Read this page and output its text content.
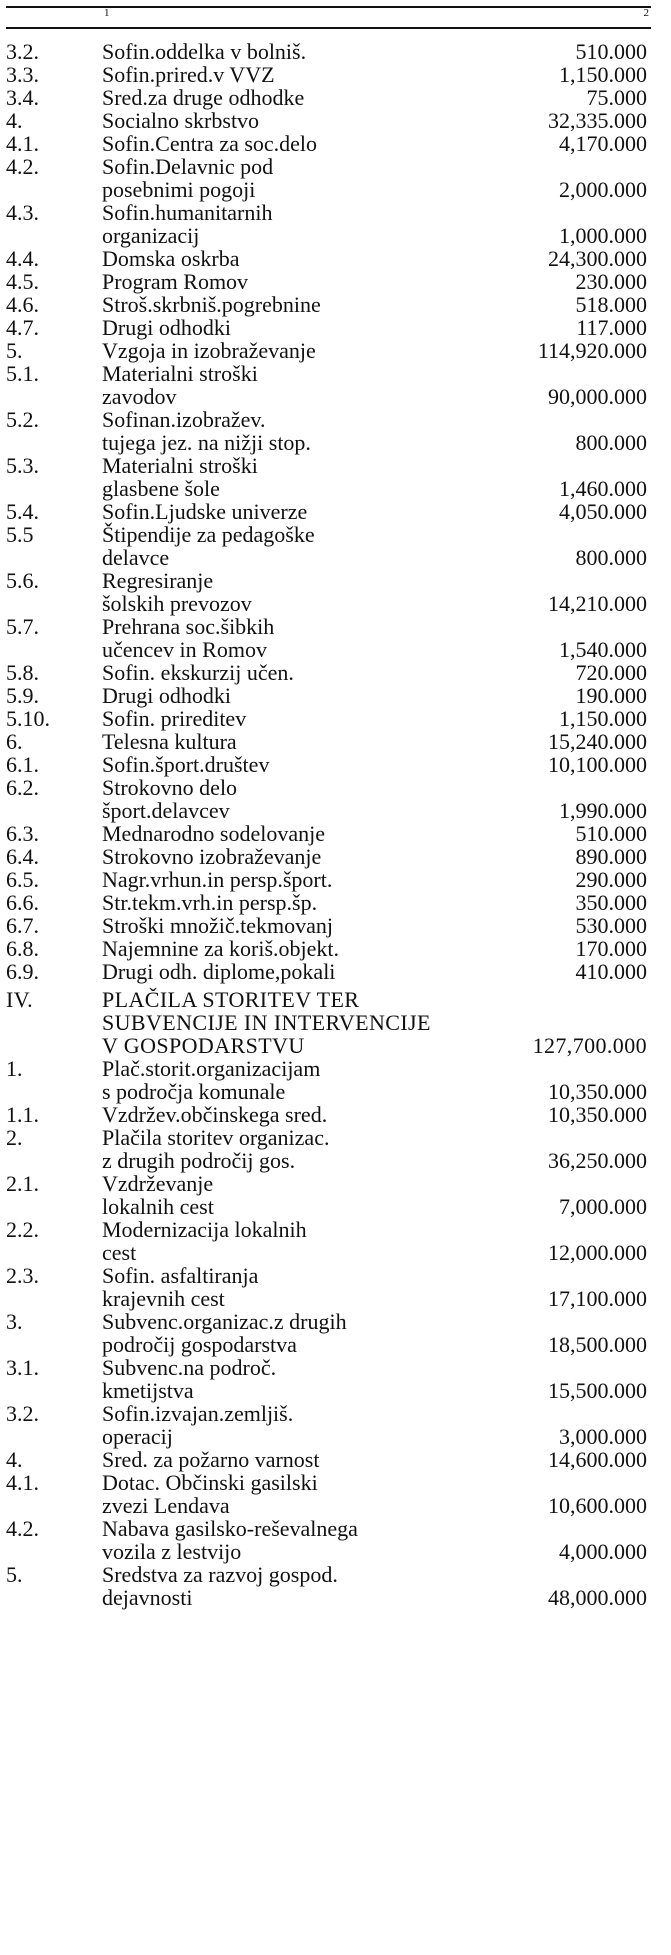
1	2
3.2.	Sofin.oddelka v bolniš.	510.000
3.3.	Sofin.prired.v VVZ	1,150.000
3.4.	Sred.za druge odhodke	75.000
4.	Socialno skrbstvo	32,335.000
4.1.	Sofin.Centra za soc.delo	4,170.000
4.2.	Sofin.Delavnic pod
posebnimi pogoji	2,000.000
4.3.	Sofin.humanitarnih
organizacij	1,000.000
4.4.	Domska oskrba	24,300.000
4.5.	Program Romov	230.000
4.6.	Stroš.skrbniš.pogrebnine	518.000
4.7.	Drugi odhodki	117.000
5.	Vzgoja in izobraževanje	114,920.000
5.1.	Materialni stroški
zavodov	90,000.000
5.2.	Sofinan.izobražev.
tujega jez. na nižji stop.	800.000
5.3.	Materialni stroški
glasbene šole	1,460.000
5.4.	Sofin.Ljudske univerze	4,050.000
5.5	Štipendije za pedagoške
delavce	800.000
5.6.	Regresiranje
šolskih prevozov	14,210.000
5.7.	Prehrana soc.šibkih
učencev in Romov	1,540.000
5.8.	Sofin. ekskurzij učen.	720.000
5.9.	Drugi odhodki	190.000
5.10. Sofin. prireditev	1,150.000
6.	Telesna kultura	15,240.000
6.1.	Sofin.šport.društev	10,100.000
6.2.	Strokovno delo
šport.delavcev	1,990.000
6.3.	Mednarodno sodelovanje	510.000
6.4.	Strokovno izobraževanje	890.000
6.5.	Nagr.vrhun.in persp.šport.	290.000
6.6.	Str.tekm.vrh.in persp.šp.	350.000
6.7.	Stroški množič.tekmovanj	530.000
6.8.	Najemnine za koriš.objekt.	170.000
6.9.	Drugi odh. diplome,pokali	410.000
IV.	PLAČILA STORITEV TER
SUBVENCIJE IN INTERVENCIJE
V GOSPODARSTVU	127,700.000
1.	Plač.storit.organizacijam
s področja komunale	10,350.000
1.1.	Vzdržev.občinskega sred.	10,350.000
2.	Plačila storitev organizac.
z drugih področij gos.	36,250.000
2.1.	Vzdrževanje
lokalnih cest	7,000.000
2.2.	Modernizacija lokalnih
cest	12,000.000
2.3.	Sofin. asfaltiranja
krajevnih cest	17,100.000
3.	Subvenc.organizac.z drugih
področij gospodarstva	18,500.000
3.1.	Subvenc.na področ.
kmetijstva	15,500.000
3.2.	Sofin.izvajan.zemljiš.
operacij	3,000.000
4.	Sred. za požarno varnost	14,600.000
4.1.	Dotac. Občinski gasilski
zvezi Lendava	10,600.000
4.2.	Nabava gasilsko-reševalnega
vozila z lestvijo	4,000.000
5.	Sredstva za razvoj gospod.
dejavnosti	48,000.000
